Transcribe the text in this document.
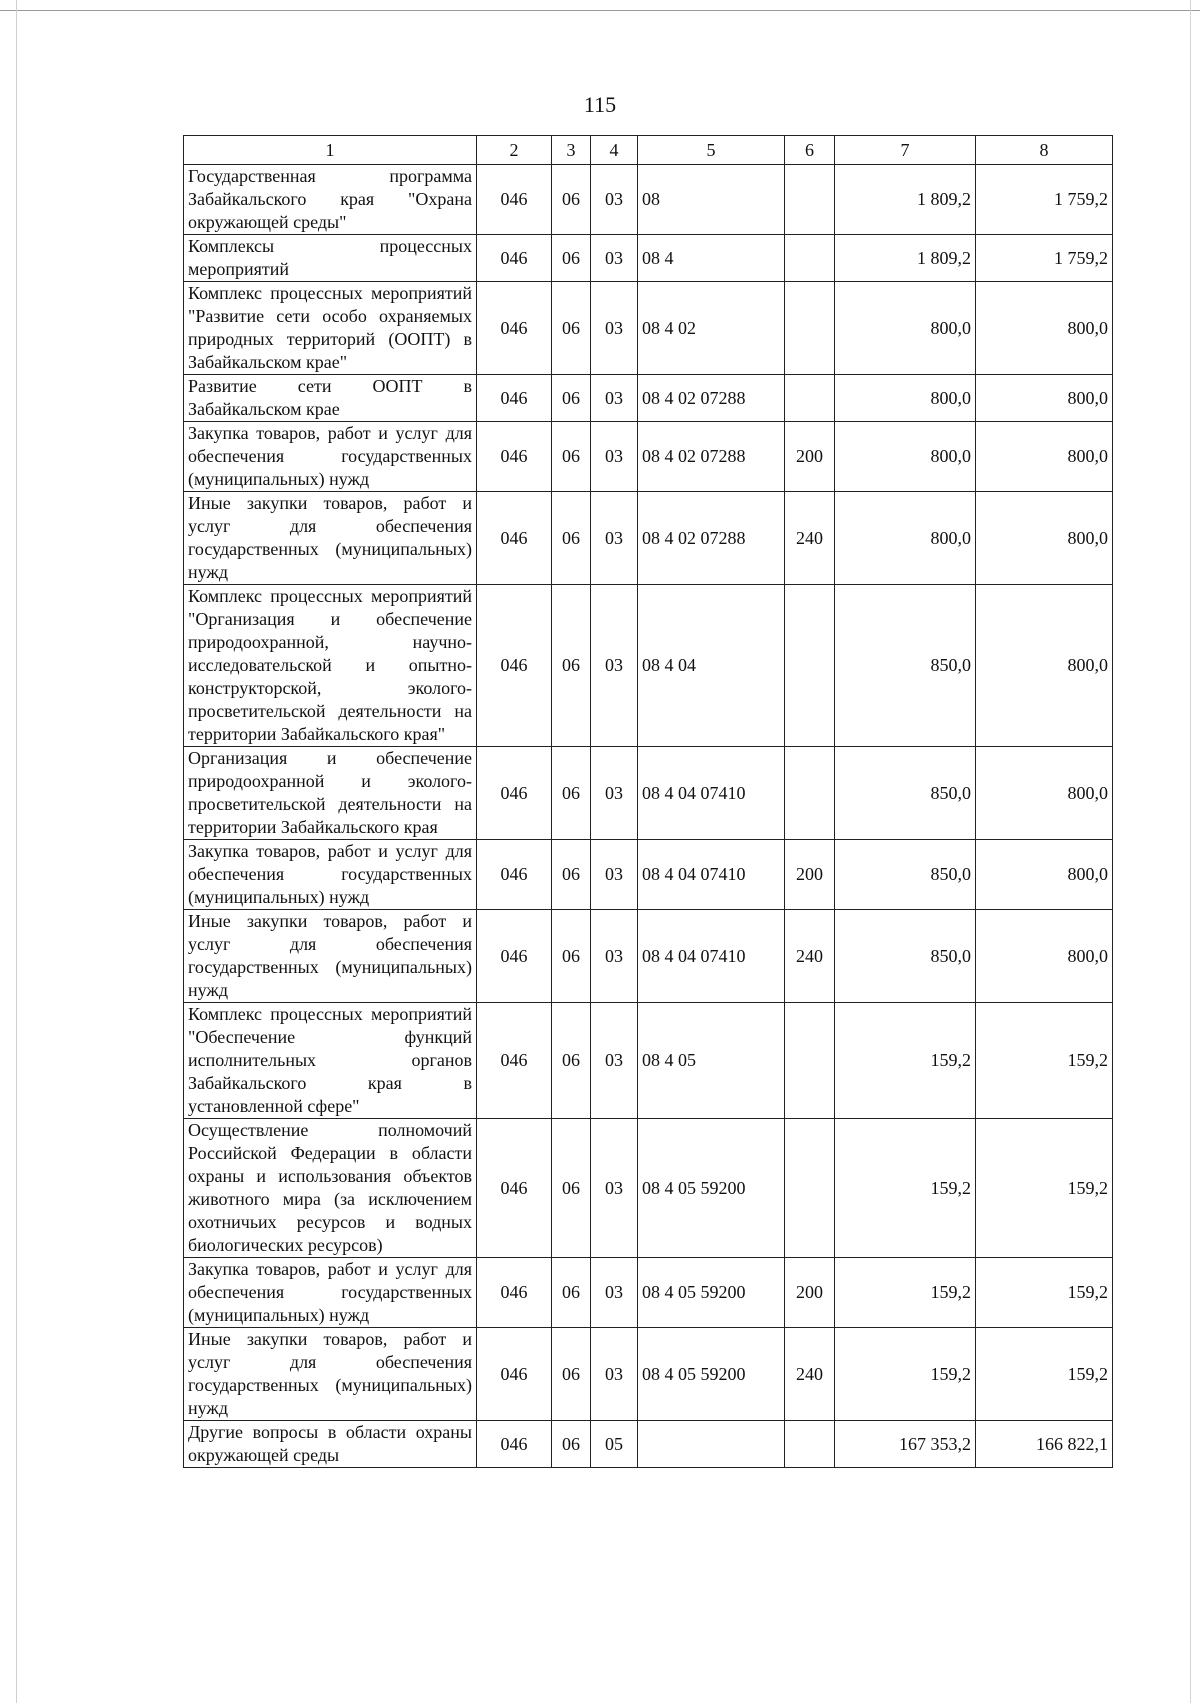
115
1	2	3	4	5	6	7	8
Государственная программа Забайкальского края "Охрана окружающей среды"	046	06	03	08		1 809,2	1 759,2
Комплексы процессных мероприятий	046	06	03	08 4		1 809,2	1 759,2
Комплекс процессных мероприятий "Развитие сети особо охраняемых природных территорий (ООПТ) в Забайкальском крае"	046	06	03	08 4 02		800,0	800,0
Развитие сети ООПТ в Забайкальском крае	046	06	03	08 4 02 07288		800,0	800,0
Закупка товаров, работ и услуг для обеспечения государственных (муниципальных) нужд	046	06	03	08 4 02 07288	200	800,0	800,0
Иные закупки товаров, работ и услуг для обеспечения государственных (муниципальных) нужд	046	06	03	08 4 02 07288	240	800,0	800,0
Комплекс процессных мероприятий "Организация и обеспечение природоохранной, научно-исследовательской и опытно-конструкторской, эколого-просветительской деятельности на территории Забайкальского края"	046	06	03	08 4 04		850,0	800,0
Организация и обеспечение природоохранной и эколого-просветительской деятельности на территории Забайкальского края	046	06	03	08 4 04 07410		850,0	800,0
Закупка товаров, работ и услуг для обеспечения государственных (муниципальных) нужд	046	06	03	08 4 04 07410	200	850,0	800,0
Иные закупки товаров, работ и услуг для обеспечения государственных (муниципальных) нужд	046	06	03	08 4 04 07410	240	850,0	800,0
Комплекс процессных мероприятий "Обеспечение функций исполнительных органов Забайкальского края в установленной сфере"	046	06	03	08 4 05		159,2	159,2
Осуществление полномочий Российской Федерации в области охраны и использования объектов животного мира (за исключением охотничьих ресурсов и водных биологических ресурсов)	046	06	03	08 4 05 59200		159,2	159,2
Закупка товаров, работ и услуг для обеспечения государственных (муниципальных) нужд	046	06	03	08 4 05 59200	200	159,2	159,2
Иные закупки товаров, работ и услуг для обеспечения государственных (муниципальных) нужд	046	06	03	08 4 05 59200	240	159,2	159,2
Другие вопросы в области охраны окружающей среды	046	06	05			167 353,2	166 822,1
